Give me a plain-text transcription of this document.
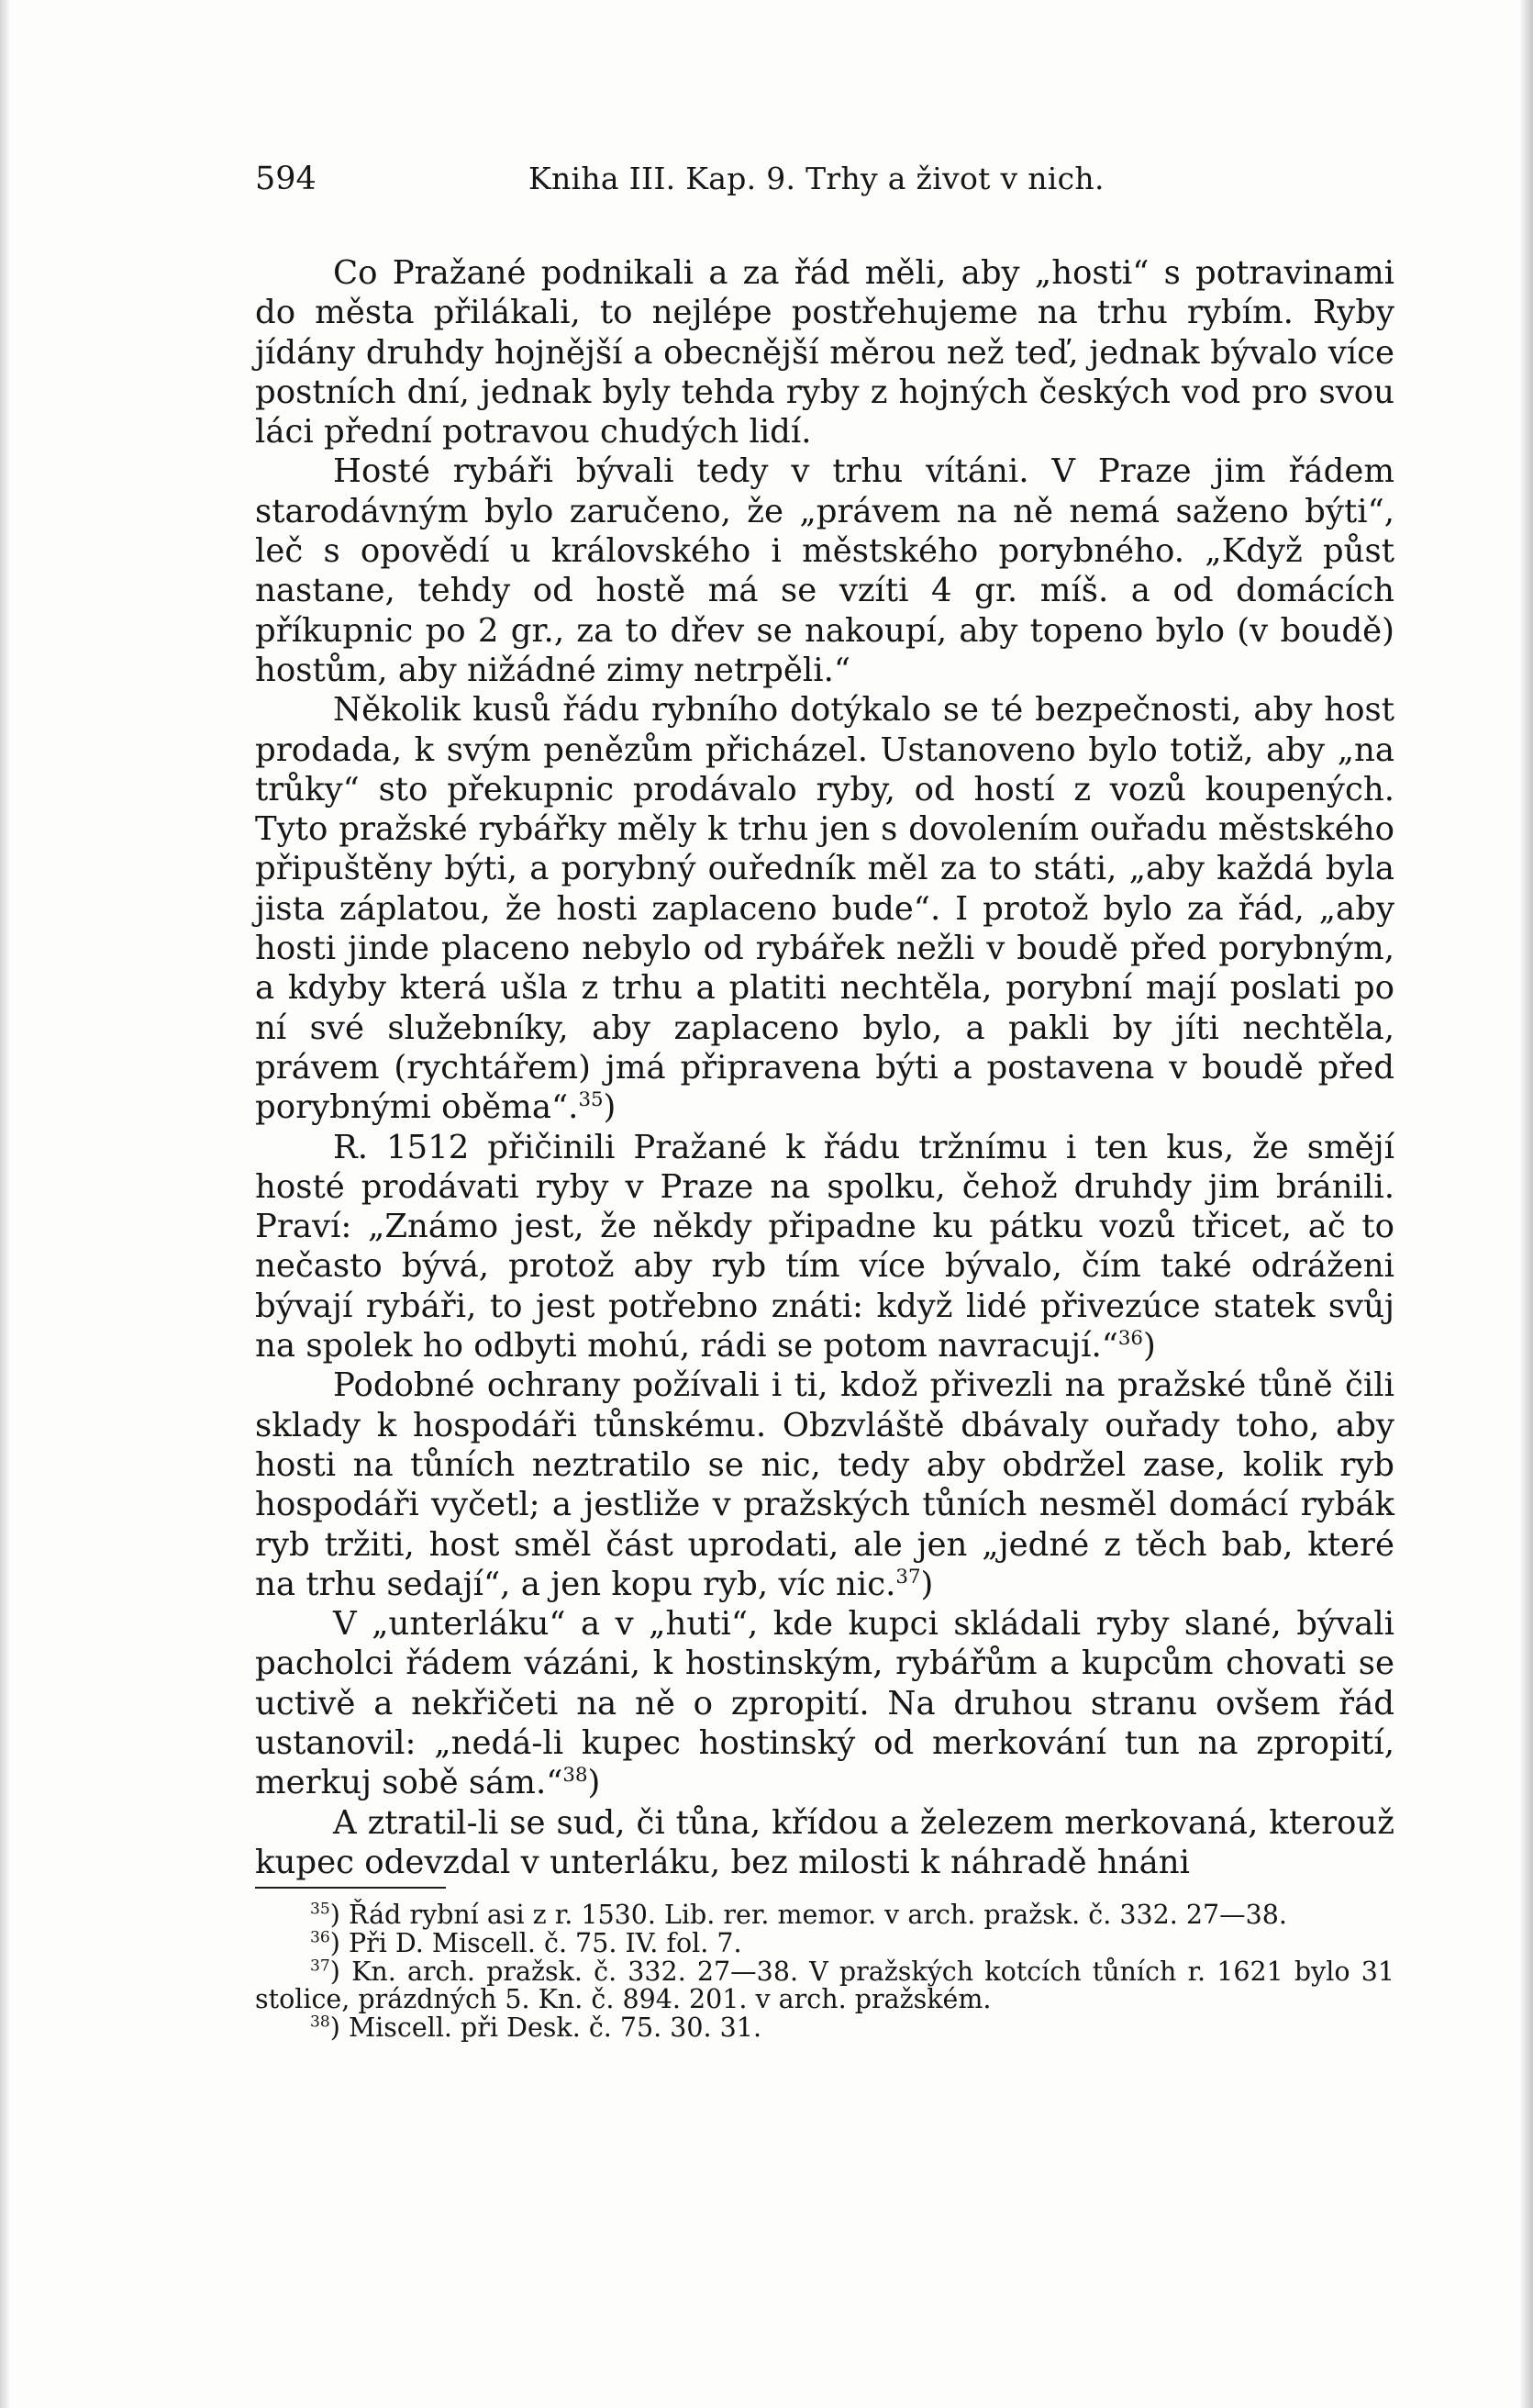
594	Kniha III. Kap. 9. Trhy a život v nich.

Co Pražané podnikali a za řád měli, aby „hosti“ s potravinami do města přilákali, to nejlépe postřehujeme na trhu rybím. Ryby jídány druhdy hojnější a obecnější měrou než teď, jednak bývalo více postních dní, jednak byly tehda ryby z hojných českých vod pro svou láci přední potravou chudých lidí.

Hosté rybáři bývali tedy v trhu vítáni. V Praze jim řádem starodávným bylo zaručeno, že „právem na ně nemá saženo býti“, leč s opovědí u královského i městského porybného. „Když půst nastane, tehdy od hostě má se vzíti 4 gr. míš. a od domácích příkupnic po 2 gr., za to dřev se nakoupí, aby topeno bylo (v boudě) hostům, aby nižádné zimy netrpěli.“

Několik kusů řádu rybního dotýkalo se té bezpečnosti, aby host prodada, k svým penězům přicházel. Ustanoveno bylo totiž, aby „na trůky“ sto překupnic prodávalo ryby, od hostí z vozů koupených. Tyto pražské rybářky měly k trhu jen s dovolením ouřadu městského připuštěny býti, a porybný ouředník měl za to státi, „aby každá byla jista záplatou, že hosti zaplaceno bude“. I protož bylo za řád, „aby hosti jinde placeno nebylo od rybářek nežli v boudě před porybným, a kdyby která ušla z trhu a platiti nechtěla, porybní mají poslati po ní své služebníky, aby zaplaceno bylo, a pakli by jíti nechtěla, právem (rychtářem) jmá připravena býti a postavena v boudě před porybnými oběma“.$^{35}$)

R. 1512 přičinili Pražané k řádu tržnímu i ten kus, že smějí hosté prodávati ryby v Praze na spolku, čehož druhdy jim bránili. Praví: „Známo jest, že někdy připadne ku pátku vozů třicet, ač to nečasto bývá, protož aby ryb tím více bývalo, čím také odráženi bývají rybáři, to jest potřebno znáti: když lidé přivezúce statek svůj na spolek ho odbyti mohú, rádi se potom navracují.“$^{36}$)

Podobné ochrany požívali i ti, kdož přivezli na pražské tůně čili sklady k hospodáři tůnskému. Obzvláště dbávaly ouřady toho, aby hosti na tůních neztratilo se nic, tedy aby obdržel zase, kolik ryb hospodáři vyčetl; a jestliže v pražských tůních nesměl domácí rybák ryb tržiti, host směl část uprodati, ale jen „jedné z těch bab, které na trhu sedají“, a jen kopu ryb, víc nic.$^{37}$)

V „unterláku“ a v „huti“, kde kupci skládali ryby slané, bývali pacholci řádem vázáni, k hostinským, rybářům a kupcům chovati se uctivě a nekřičeti na ně o zpropití. Na druhou stranu ovšem řád ustanovil: „nedá-li kupec hostinský od merkování tun na zpropití, merkuj sobě sám.“$^{38}$)

A ztratil-li se sud, či tůna, křídou a železem merkovaná, kterouž kupec odevzdal v unterláku, bez milosti k náhradě hnáni

$^{35}$) Řád rybní asi z r. 1530. Lib. rer. memor. v arch. pražsk. č. 332. 27—38.

$^{36}$) Při D. Miscell. č. 75. IV. fol. 7.

$^{37}$) Kn. arch. pražsk. č. 332. 27—38. V pražských kotcích tůních r. 1621 bylo 31 stolice, prázdných 5. Kn. č. 894. 201. v arch. pražském.

$^{38}$) Miscell. při Desk. č. 75. 30. 31.
